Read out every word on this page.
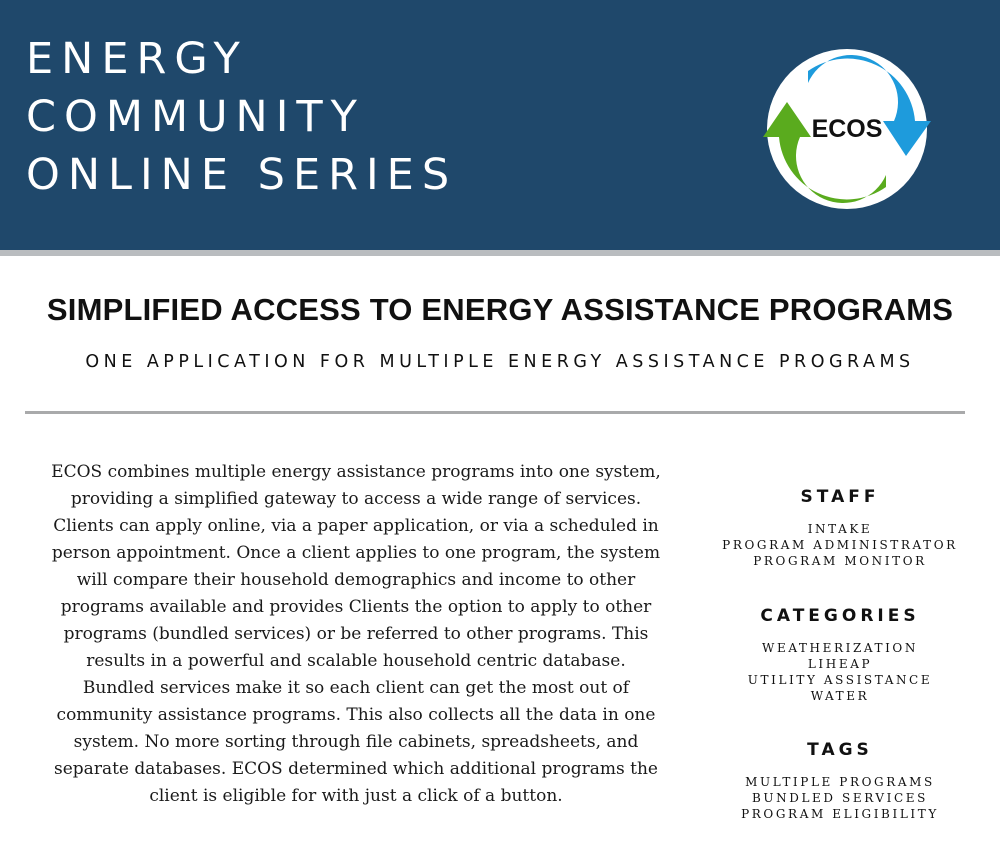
ENERGY
COMMUNITY
ONLINE SERIES
ECOS
SIMPLIFIED ACCESS TO ENERGY ASSISTANCE PROGRAMS
ONE APPLICATION FOR MULTIPLE ENERGY ASSISTANCE PROGRAMS

ECOS combines multiple energy assistance programs into one system, providing a simplified gateway to access a wide range of services. Clients can apply online, via a paper application, or via a scheduled in person appointment. Once a client applies to one program, the system will compare their household demographics and income to other programs available and provides Clients the option to apply to other programs (bundled services) or be referred to other programs. This results in a powerful and scalable household centric database. Bundled services make it so each client can get the most out of community assistance programs. This also collects all the data in one system. No more sorting through file cabinets, spreadsheets, and separate databases. ECOS determined which additional programs the client is eligible for with just a click of a button.

STAFF
INTAKE
PROGRAM ADMINISTRATOR
PROGRAM MONITOR
CATEGORIES
WEATHERIZATION
LIHEAP
UTILITY ASSISTANCE
WATER
TAGS
MULTIPLE PROGRAMS
BUNDLED SERVICES
PROGRAM ELIGIBILITY
